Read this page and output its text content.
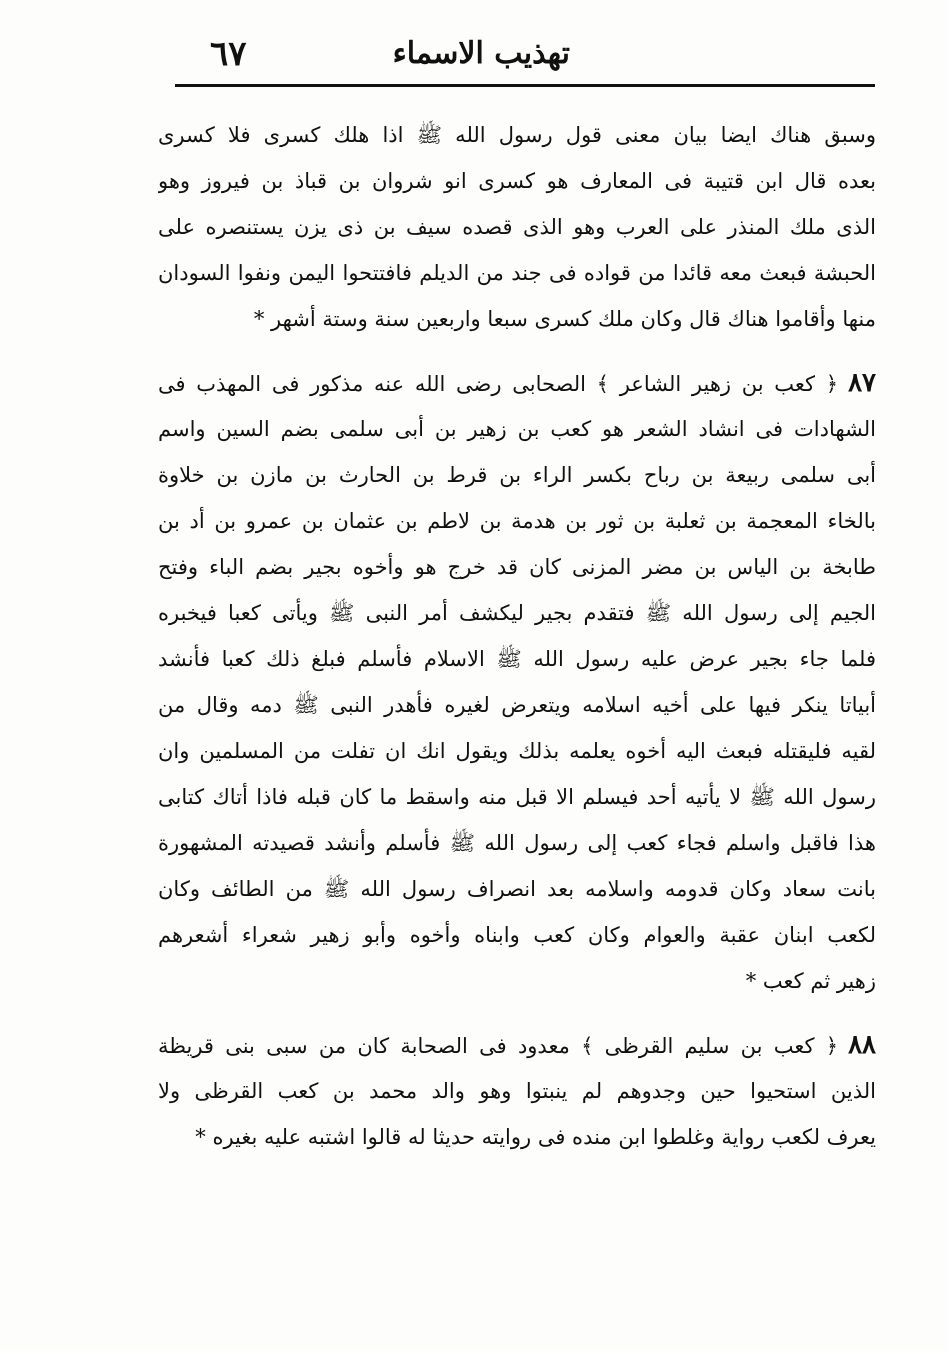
٦٧	تهذيب الاسماء
وسبق هناك ايضا بيان معنى قول رسول الله ﷺ اذا هلك كسرى فلا كسرى
بعده قال ابن قتيبة فى المعارف هو كسرى انو شروان بن قباذ بن فيروز وهو
الذى ملك المنذر على العرب وهو الذى قصده سيف بن ذى يزن يستنصره على
الحبشة فبعث معه قائدا من قواده فى جند من الديلم فافتتحوا اليمن ونفوا السودان
منها وأقاموا هناك قال وكان ملك كسرى سبعا واربعين سنة وستة أشهر *
٨٧﴿ كعب بن زهير الشاعر ﴾ الصحابى رضى الله عنه مذكور فى المهذب فى
الشهادات فى انشاد الشعر هو كعب بن زهير بن أبى سلمى بضم السين واسم
أبى سلمى ربيعة بن رباح بكسر الراء بن قرط بن الحارث بن مازن بن خلاوة
بالخاء المعجمة بن ثعلبة بن ثور بن هدمة بن لاطم بن عثمان بن عمرو بن أد بن
طابخة بن الياس بن مضر المزنى كان قد خرج هو وأخوه بجير بضم الباء وفتح
الجيم إلى رسول الله ﷺ فتقدم بجير ليكشف أمر النبى ﷺ ويأتى كعبا فيخبره
فلما جاء بجير عرض عليه رسول الله ﷺ الاسلام فأسلم فبلغ ذلك كعبا فأنشد
أبياتا ينكر فيها على أخيه اسلامه ويتعرض لغيره فأهدر النبى ﷺ دمه وقال من
لقيه فليقتله فبعث اليه أخوه يعلمه بذلك ويقول انك ان تفلت من المسلمين وان
رسول الله ﷺ لا يأتيه أحد فيسلم الا قبل منه واسقط ما كان قبله فاذا أتاك كتابى
هذا فاقبل واسلم فجاء كعب إلى رسول الله ﷺ فأسلم وأنشد قصيدته المشهورة
بانت سعاد وكان قدومه واسلامه بعد انصراف رسول الله ﷺ من الطائف وكان
لكعب ابنان عقبة والعوام وكان كعب وابناه وأخوه وأبو زهير شعراء أشعرهم
زهير ثم كعب *
٨٨﴿ كعب بن سليم القرظى ﴾ معدود فى الصحابة كان من سبى بنى قريظة
الذين استحيوا حين وجدوهم لم ينبتوا وهو والد محمد بن كعب القرظى ولا
يعرف لكعب رواية وغلطوا ابن منده فى روايته حديثا له قالوا اشتبه عليه بغيره *
